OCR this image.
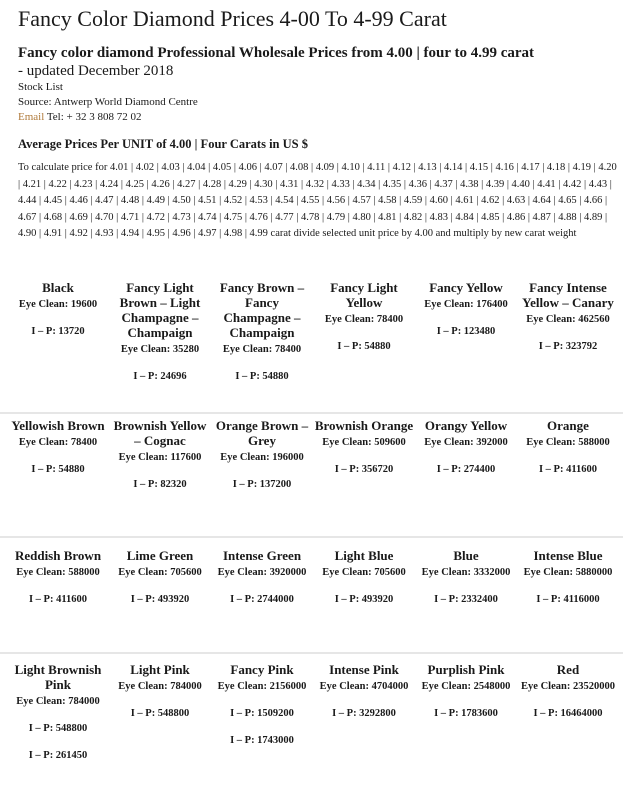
Fancy Color Diamond Prices 4-00 To 4-99 Carat
Fancy color diamond Professional Wholesale Prices from 4.00 | four to 4.99 carat
- updated December 2018
Stock List
Source: Antwerp World Diamond Centre
Email Tel: + 32 3 808 72 02
Average Prices Per UNIT of 4.00 | Four Carats in US $

To calculate price for 4.01 | 4.02 | 4.03 | 4.04 | 4.05 | 4.06 | 4.07 | 4.08 | 4.09 | 4.10 | 4.11 | 4.12 | 4.13 | 4.14 | 4.15 | 4.16 | 4.17 | 4.18 | 4.19 | 4.20 | 4.21 | 4.22 | 4.23 | 4.24 | 4.25 | 4.26 | 4.27 | 4.28 | 4.29 | 4.30 | 4.31 | 4.32 | 4.33 | 4.34 | 4.35 | 4.36 | 4.37 | 4.38 | 4.39 | 4.40 | 4.41 | 4.42 | 4.43 | 4.44 | 4.45 | 4.46 | 4.47 | 4.48 | 4.49 | 4.50 | 4.51 | 4.52 | 4.53 | 4.54 | 4.55 | 4.56 | 4.57 | 4.58 | 4.59 | 4.60 | 4.61 | 4.62 | 4.63 | 4.64 | 4.65 | 4.66 | 4.67 | 4.68 | 4.69 | 4.70 | 4.71 | 4.72 | 4.73 | 4.74 | 4.75 | 4.76 | 4.77 | 4.78 | 4.79 | 4.80 | 4.81 | 4.82 | 4.83 | 4.84 | 4.85 | 4.86 | 4.87 | 4.88 | 4.89 | 4.90 | 4.91 | 4.92 | 4.93 | 4.94 | 4.95 | 4.96 | 4.97 | 4.98 | 4.99 carat divide selected unit price by 4.00 and multiply by new carat weight

Black
Eye Clean: 19600
I – P: 13720
Fancy Light Brown – Light Champagne – Champaign
Eye Clean: 35280
I – P: 24696
Fancy Brown – Fancy Champagne – Champaign
Eye Clean: 78400
I – P: 54880
Fancy Light Yellow
Eye Clean: 78400
I – P: 54880
Fancy Yellow
Eye Clean: 176400
I – P: 123480
Fancy Intense Yellow – Canary
Eye Clean: 462560
I – P: 323792
Yellowish Brown
Eye Clean: 78400
I – P: 54880
Brownish Yellow – Cognac
Eye Clean: 117600
I – P: 82320
Orange Brown – Grey
Eye Clean: 196000
I – P: 137200
Brownish Orange
Eye Clean: 509600
I – P: 356720
Orangy Yellow
Eye Clean: 392000
I – P: 274400
Orange
Eye Clean: 588000
I – P: 411600
Reddish Brown
Eye Clean: 588000
I – P: 411600
Lime Green
Eye Clean: 705600
I – P: 493920
Intense Green
Eye Clean: 3920000
I – P: 2744000
Light Blue
Eye Clean: 705600
I – P: 493920
Blue
Eye Clean: 3332000
I – P: 2332400
Intense Blue
Eye Clean: 5880000
I – P: 4116000
Light Brownish Pink
Eye Clean: 784000
I – P: 548800
I – P: 261450
Light Pink
Eye Clean: 784000
I – P: 548800
Fancy Pink
Eye Clean: 2156000
I – P: 1509200
I – P: 1743000
Intense Pink
Eye Clean: 4704000
I – P: 3292800
Purplish Pink
Eye Clean: 2548000
I – P: 1783600
Red
Eye Clean: 23520000
I – P: 16464000
